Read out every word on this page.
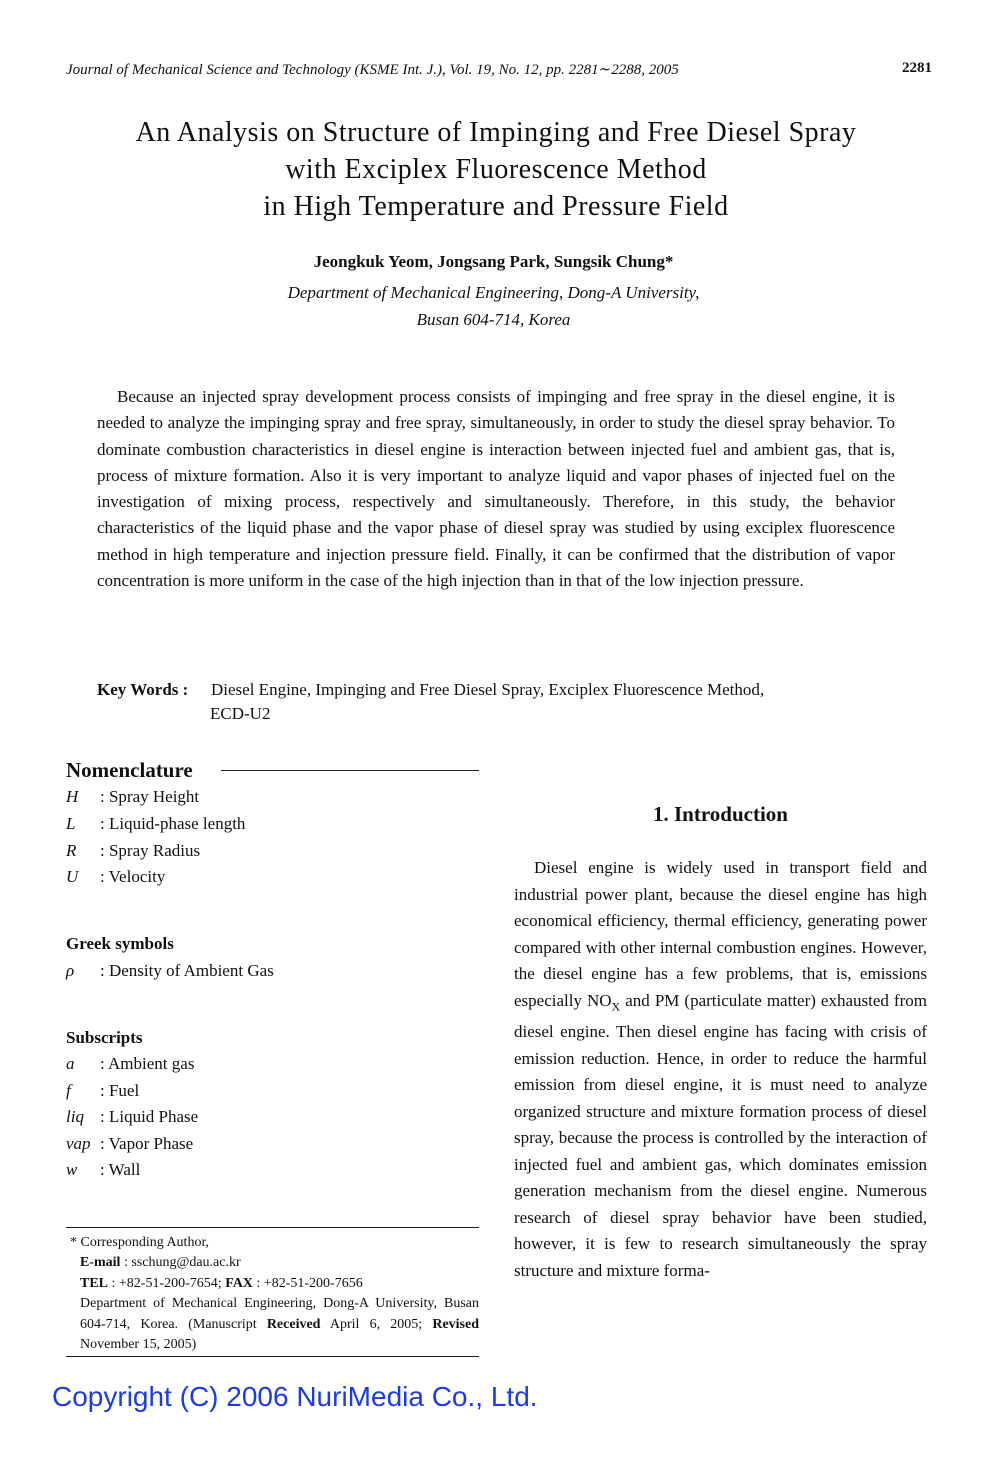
Journal of Mechanical Science and Technology (KSME Int. J.), Vol. 19, No. 12, pp. 2281∼2288, 2005	2281
An Analysis on Structure of Impinging and Free Diesel Spray
with Exciplex Fluorescence Method
in High Temperature and Pressure Field
Jeongkuk Yeom, Jongsang Park, Sungsik Chung*
Department of Mechanical Engineering, Dong-A University,
Busan 604-714, Korea
Because an injected spray development process consists of impinging and free spray in the diesel engine, it is needed to analyze the impinging spray and free spray, simultaneously, in order to study the diesel spray behavior. To dominate combustion characteristics in diesel engine is interaction between injected fuel and ambient gas, that is, process of mixture formation. Also it is very important to analyze liquid and vapor phases of injected fuel on the investigation of mixing process, respectively and simultaneously. Therefore, in this study, the behavior characteristics of the liquid phase and the vapor phase of diesel spray was studied by using exciplex fluorescence method in high temperature and injection pressure field. Finally, it can be confirmed that the distribution of vapor concentration is more uniform in the case of the high injection than in that of the low injection pressure.
Key Words : Diesel Engine, Impinging and Free Diesel Spray, Exciplex Fluorescence Method,
ECD-U2
Nomenclature
H : Spray Height
L : Liquid-phase length
R : Spray Radius
U : Velocity
Greek symbols
ρ : Density of Ambient Gas
Subscripts
a : Ambient gas
f : Fuel
liq : Liquid Phase
vap : Vapor Phase
w : Wall
* Corresponding Author,
E-mail : sschung@dau.ac.kr
TEL : +82-51-200-7654; FAX : +82-51-200-7656
Department of Mechanical Engineering, Dong-A University, Busan 604-714, Korea. (Manuscript Received April 6, 2005; Revised November 15, 2005)
1. Introduction
Diesel engine is widely used in transport field and industrial power plant, because the diesel engine has high economical efficiency, thermal efficiency, generating power compared with other internal combustion engines. However, the diesel engine has a few problems, that is, emissions especially $NO_X$ and PM (particulate matter) exhausted from diesel engine. Then diesel engine has facing with crisis of emission reduction. Hence, in order to reduce the harmful emission from diesel engine, it is must need to analyze organized structure and mixture formation process of diesel spray, because the process is controlled by the interaction of injected fuel and ambient gas, which dominates emission generation mechanism from the diesel engine. Numerous research of diesel spray behavior have been studied, however, it is few to research simultaneously the spray structure and mixture forma-
Copyright (C) 2006 NuriMedia Co., Ltd.
